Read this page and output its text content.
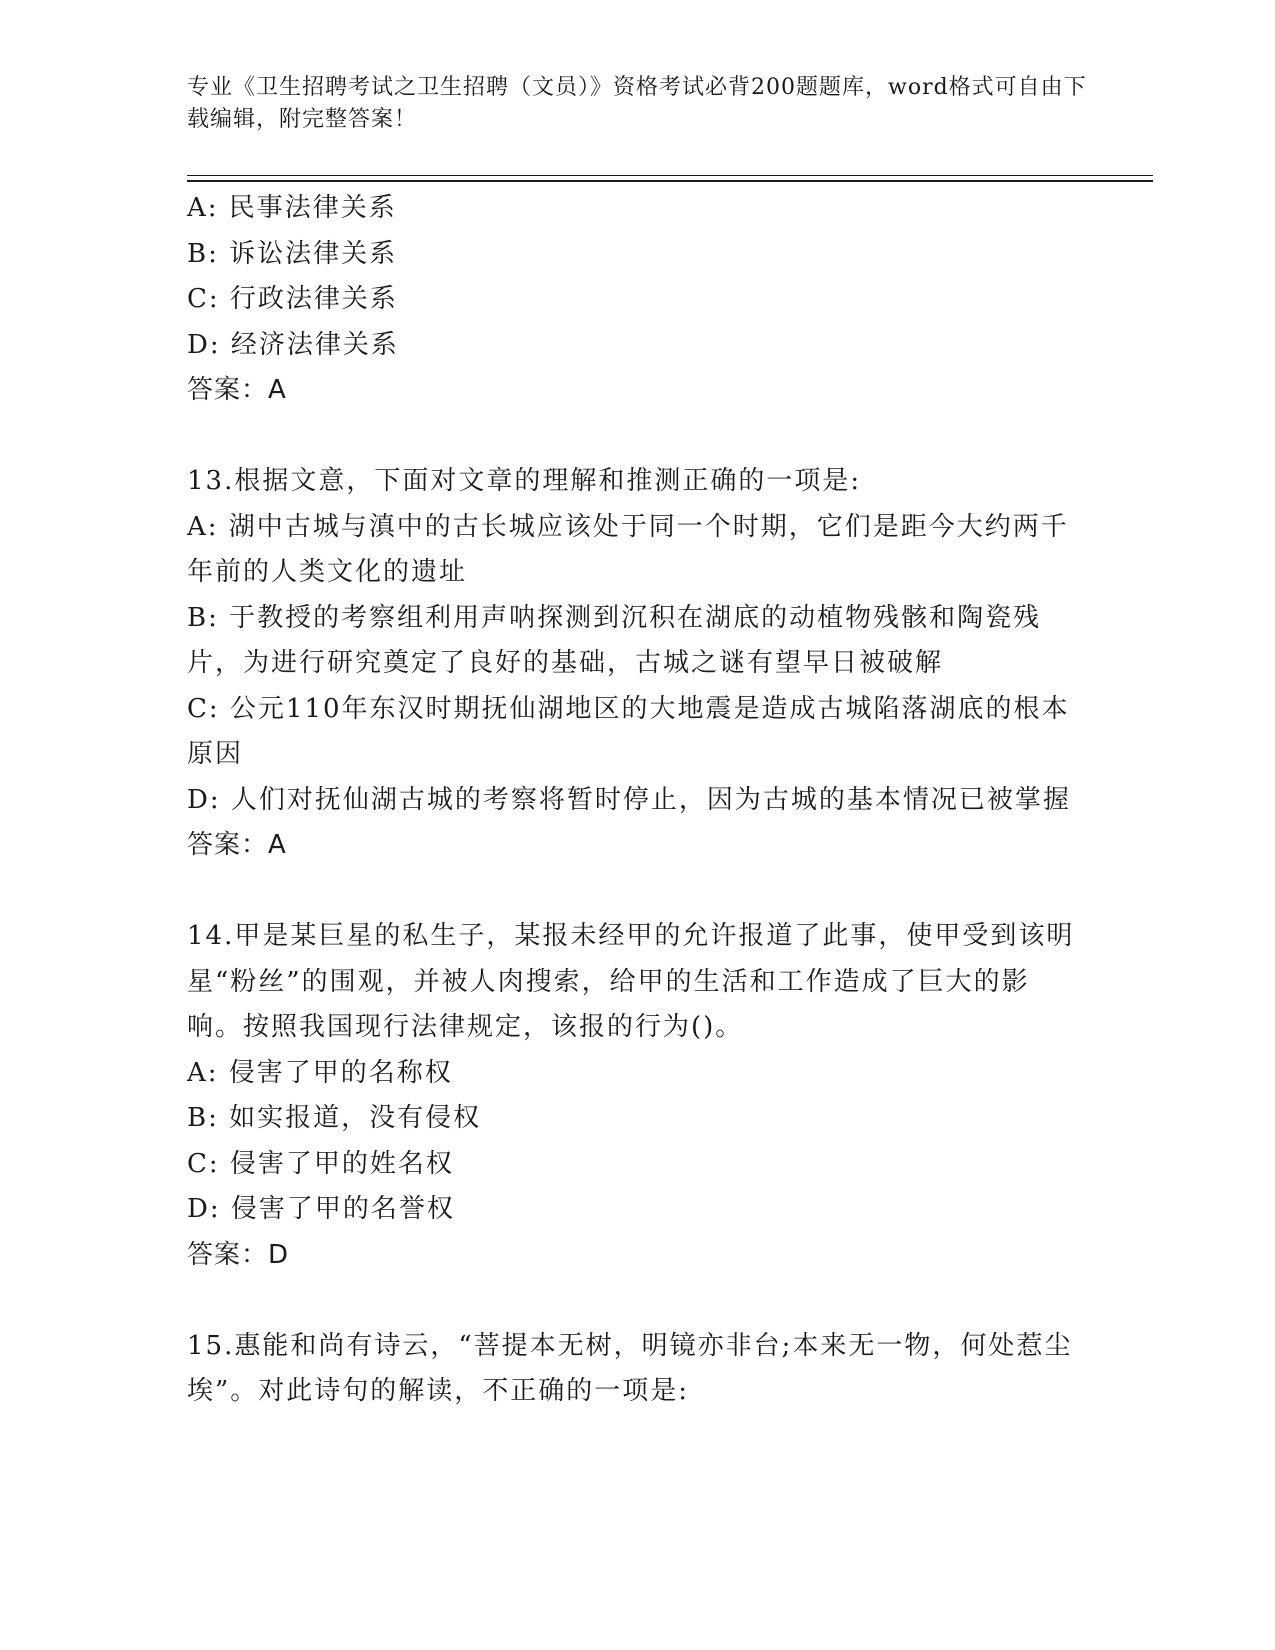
专业《卫生招聘考试之卫生招聘（文员）》资格考试必背200题题库，word格式可自由下载编辑，附完整答案！

A: 民事法律关系

B: 诉讼法律关系

C: 行政法律关系

D: 经济法律关系

答案：A

13.根据文意，下面对文章的理解和推测正确的一项是:

A: 湖中古城与滇中的古长城应该处于同一个时期，它们是距今大约两千年前的人类文化的遗址

B: 于教授的考察组利用声呐探测到沉积在湖底的动植物残骸和陶瓷残片，为进行研究奠定了良好的基础，古城之谜有望早日被破解

C: 公元110年东汉时期抚仙湖地区的大地震是造成古城陷落湖底的根本原因

D: 人们对抚仙湖古城的考察将暂时停止，因为古城的基本情况已被掌握

答案：A

14.甲是某巨星的私生子，某报未经甲的允许报道了此事，使甲受到该明星“粉丝”的围观，并被人肉搜索，给甲的生活和工作造成了巨大的影响。按照我国现行法律规定，该报的行为()。

A: 侵害了甲的名称权

B: 如实报道，没有侵权

C: 侵害了甲的姓名权

D: 侵害了甲的名誉权

答案：D

15.惠能和尚有诗云，“菩提本无树，明镜亦非台;本来无一物，何处惹尘埃”。对此诗句的解读，不正确的一项是:
